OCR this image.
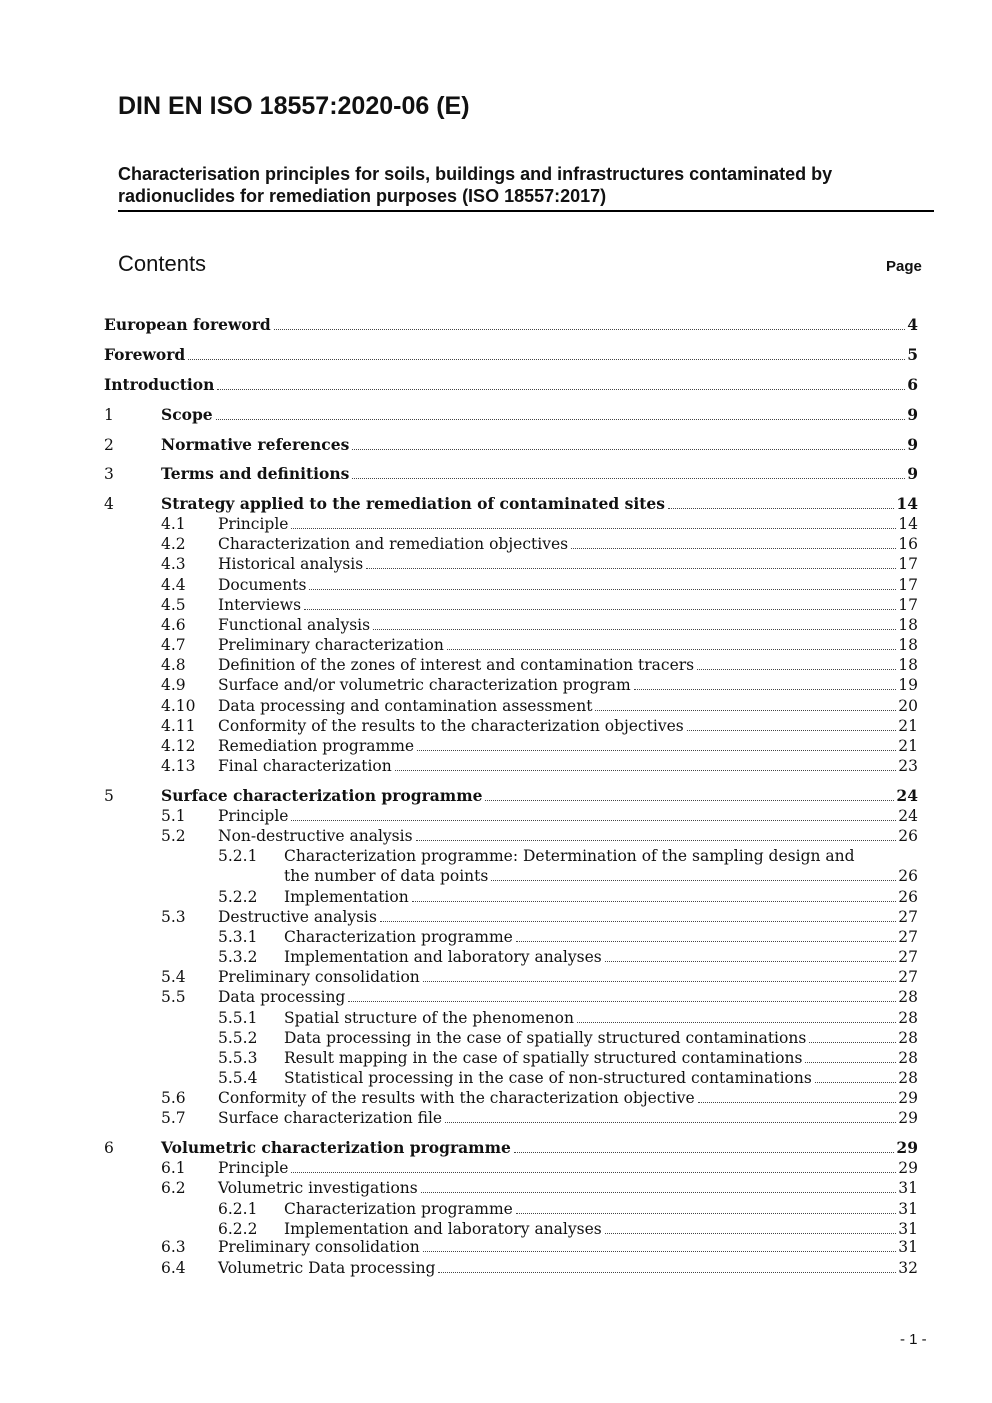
DIN EN ISO 18557:2020-06 (E)

Characterisation principles for soils, buildings and infrastructures contaminated by radionuclides for remediation purposes (ISO 18557:2017)

Contents	Page
European foreword	4
Foreword	5
Introduction	6
1	Scope	9
2	Normative references	9
3	Terms and definitions	9
4	Strategy applied to the remediation of contaminated sites	14
4.1	Principle	14
4.2	Characterization and remediation objectives	16
4.3	Historical analysis	17
4.4	Documents	17
4.5	Interviews	17
4.6	Functional analysis	18
4.7	Preliminary characterization	18
4.8	Definition of the zones of interest and contamination tracers	18
4.9	Surface and/or volumetric characterization program	19
4.10	Data processing and contamination assessment	20
4.11	Conformity of the results to the characterization objectives	21
4.12	Remediation programme	21
4.13	Final characterization	23
5	Surface characterization programme	24
5.1	Principle	24
5.2	Non-destructive analysis	26
5.2.1	Characterization programme: Determination of the sampling design and
the number of data points	26
5.2.2	Implementation	26
5.3	Destructive analysis	27
5.3.1	Characterization programme	27
5.3.2	Implementation and laboratory analyses	27
5.4	Preliminary consolidation	27
5.5	Data processing	28
5.5.1	Spatial structure of the phenomenon	28
5.5.2	Data processing in the case of spatially structured contaminations	28
5.5.3	Result mapping in the case of spatially structured contaminations	28
5.5.4	Statistical processing in the case of non-structured contaminations	28
5.6	Conformity of the results with the characterization objective	29
5.7	Surface characterization file	29
6	Volumetric characterization programme	29
6.1	Principle	29
6.2	Volumetric investigations	31
6.2.1	Characterization programme	31
6.2.2	Implementation and laboratory analyses	31
6.3	Preliminary consolidation	31
6.4	Volumetric Data processing	32
- 1 -
